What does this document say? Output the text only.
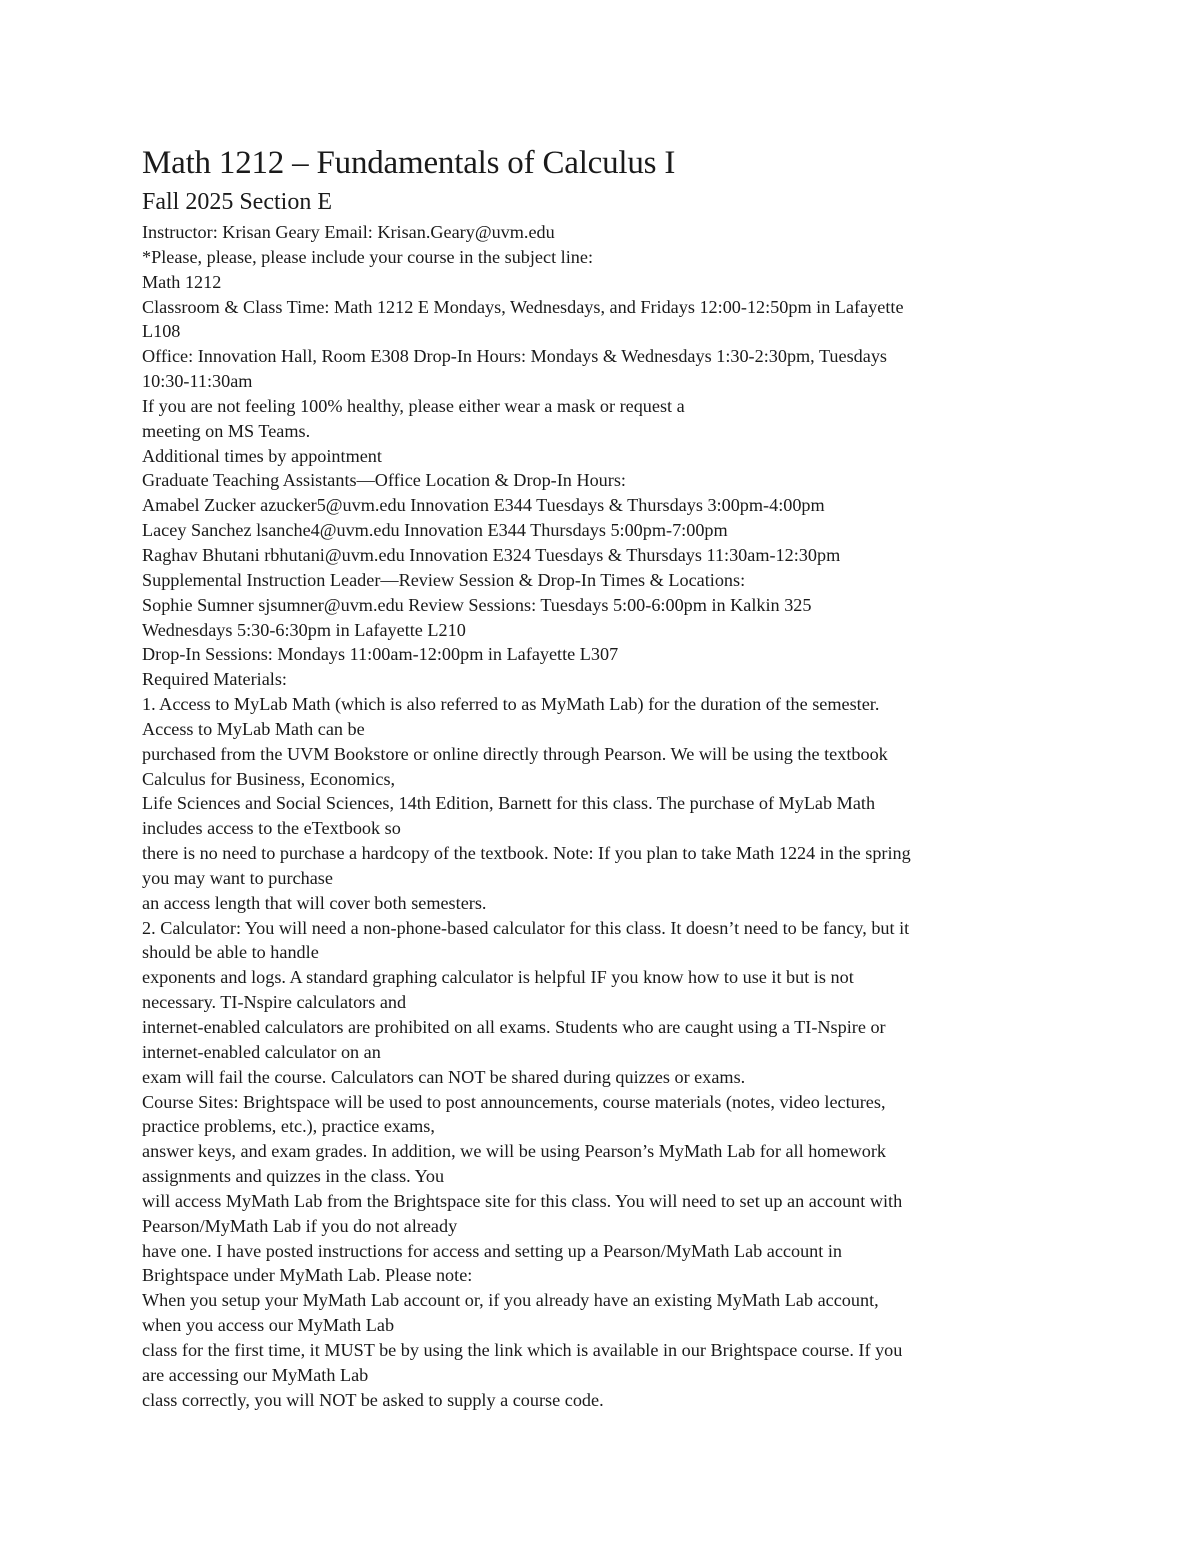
Math 1212 – Fundamentals of Calculus I
Fall 2025 Section E
Instructor: Krisan Geary Email: Krisan.Geary@uvm.edu
*Please, please, please include your course in the subject line:
Math 1212
Classroom & Class Time: Math 1212 E Mondays, Wednesdays, and Fridays 12:00-12:50pm in Lafayette
L108
Office: Innovation Hall, Room E308 Drop-In Hours: Mondays & Wednesdays 1:30-2:30pm, Tuesdays
10:30-11:30am
If you are not feeling 100% healthy, please either wear a mask or request a
meeting on MS Teams.
Additional times by appointment
Graduate Teaching Assistants—Office Location & Drop-In Hours:
Amabel Zucker azucker5@uvm.edu Innovation E344 Tuesdays & Thursdays 3:00pm-4:00pm
Lacey Sanchez lsanche4@uvm.edu Innovation E344 Thursdays 5:00pm-7:00pm
Raghav Bhutani rbhutani@uvm.edu Innovation E324 Tuesdays & Thursdays 11:30am-12:30pm
Supplemental Instruction Leader—Review Session & Drop-In Times & Locations:
Sophie Sumner sjsumner@uvm.edu Review Sessions: Tuesdays 5:00-6:00pm in Kalkin 325
Wednesdays 5:30-6:30pm in Lafayette L210
Drop-In Sessions: Mondays 11:00am-12:00pm in Lafayette L307
Required Materials:
1. Access to MyLab Math (which is also referred to as MyMath Lab) for the duration of the semester.
Access to MyLab Math can be
purchased from the UVM Bookstore or online directly through Pearson. We will be using the textbook
Calculus for Business, Economics,
Life Sciences and Social Sciences, 14th Edition, Barnett for this class. The purchase of MyLab Math
includes access to the eTextbook so
there is no need to purchase a hardcopy of the textbook. Note: If you plan to take Math 1224 in the spring
you may want to purchase
an access length that will cover both semesters.
2. Calculator: You will need a non-phone-based calculator for this class. It doesn’t need to be fancy, but it
should be able to handle
exponents and logs. A standard graphing calculator is helpful IF you know how to use it but is not
necessary. TI-Nspire calculators and
internet-enabled calculators are prohibited on all exams. Students who are caught using a TI-Nspire or
internet-enabled calculator on an
exam will fail the course. Calculators can NOT be shared during quizzes or exams.
Course Sites: Brightspace will be used to post announcements, course materials (notes, video lectures,
practice problems, etc.), practice exams,
answer keys, and exam grades. In addition, we will be using Pearson’s MyMath Lab for all homework
assignments and quizzes in the class. You
will access MyMath Lab from the Brightspace site for this class. You will need to set up an account with
Pearson/MyMath Lab if you do not already
have one. I have posted instructions for access and setting up a Pearson/MyMath Lab account in
Brightspace under MyMath Lab. Please note:
When you setup your MyMath Lab account or, if you already have an existing MyMath Lab account,
when you access our MyMath Lab
class for the first time, it MUST be by using the link which is available in our Brightspace course. If you
are accessing our MyMath Lab
class correctly, you will NOT be asked to supply a course code.
